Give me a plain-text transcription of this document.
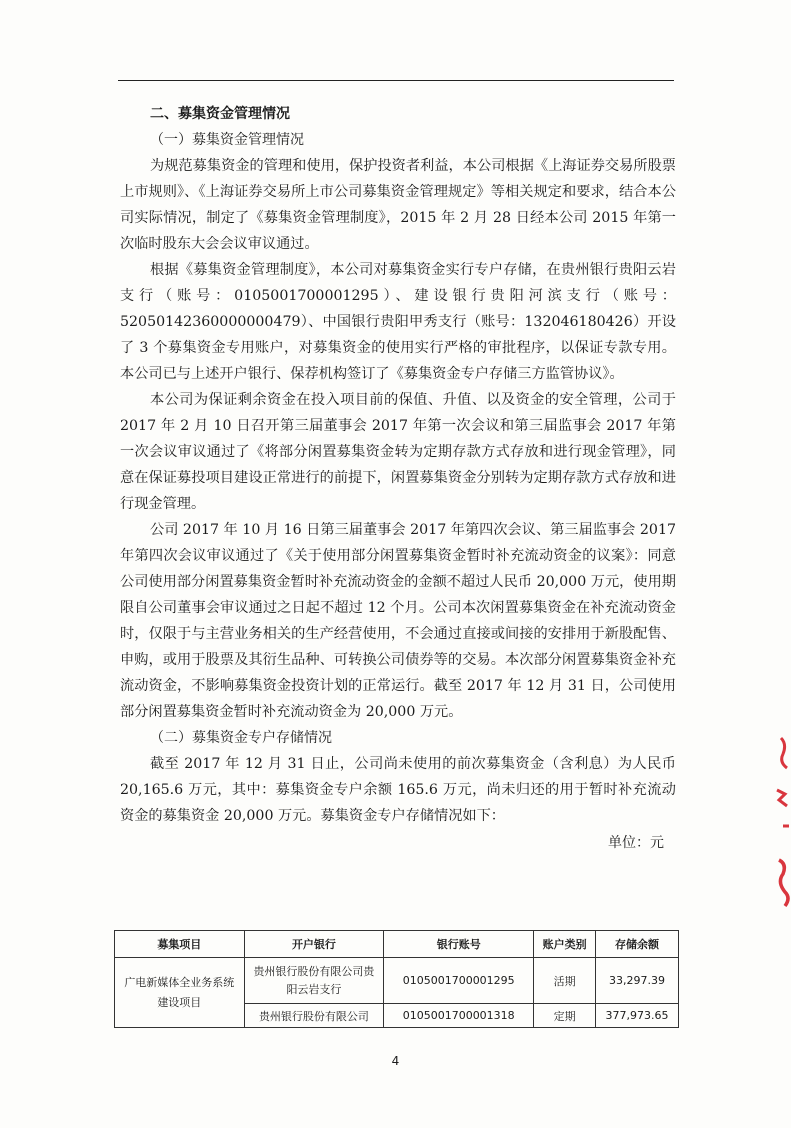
二、募集资金管理情况
（一）募集资金管理情况

为规范募集资金的管理和使用，保护投资者利益，本公司根据《上海证券交易所股票上市规则》、《上海证券交易所上市公司募集资金管理规定》等相关规定和要求，结合本公司实际情况，制定了《募集资金管理制度》，2015 年 2 月 28 日经本公司 2015 年第一次临时股东大会会议审议通过。

根据《募集资金管理制度》，本公司对募集资金实行专户存储，在贵州银行贵阳云岩支行（账号：0105001700001295）、建设银行贵阳河滨支行（账号：52050142360000000479）、中国银行贵阳甲秀支行（账号：132046180426）开设了 3 个募集资金专用账户，对募集资金的使用实行严格的审批程序，以保证专款专用。本公司已与上述开户银行、保荐机构签订了《募集资金专户存储三方监管协议》。

本公司为保证剩余资金在投入项目前的保值、升值、以及资金的安全管理，公司于 2017 年 2 月 10 日召开第三届董事会 2017 年第一次会议和第三届监事会 2017 年第一次会议审议通过了《将部分闲置募集资金转为定期存款方式存放和进行现金管理》，同意在保证募投项目建设正常进行的前提下，闲置募集资金分别转为定期存款方式存放和进行现金管理。

公司 2017 年 10 月 16 日第三届董事会 2017 年第四次会议、第三届监事会 2017 年第四次会议审议通过了《关于使用部分闲置募集资金暂时补充流动资金的议案》：同意公司使用部分闲置募集资金暂时补充流动资金的金额不超过人民币 20,000 万元，使用期限自公司董事会审议通过之日起不超过 12 个月。公司本次闲置募集资金在补充流动资金时，仅限于与主营业务相关的生产经营使用，不会通过直接或间接的安排用于新股配售、申购，或用于股票及其衍生品种、可转换公司债券等的交易。本次部分闲置募集资金补充流动资金，不影响募集资金投资计划的正常运行。截至 2017 年 12 月 31 日，公司使用部分闲置募集资金暂时补充流动资金为 20,000 万元。

（二）募集资金专户存储情况

截至 2017 年 12 月 31 日止，公司尚未使用的前次募集资金（含利息）为人民币 20,165.6 万元，其中：募集资金专户余额 165.6 万元，尚未归还的用于暂时补充流动资金的募集资金 20,000 万元。募集资金专户存储情况如下：

单位：元
募集项目	开户银行	银行账号	账户类别	存储余额
广电新媒体全业务系统建设项目	贵州银行股份有限公司贵阳云岩支行	0105001700001295	活期	33,297.39
	贵州银行股份有限公司	0105001700001318	定期	377,973.65
4
